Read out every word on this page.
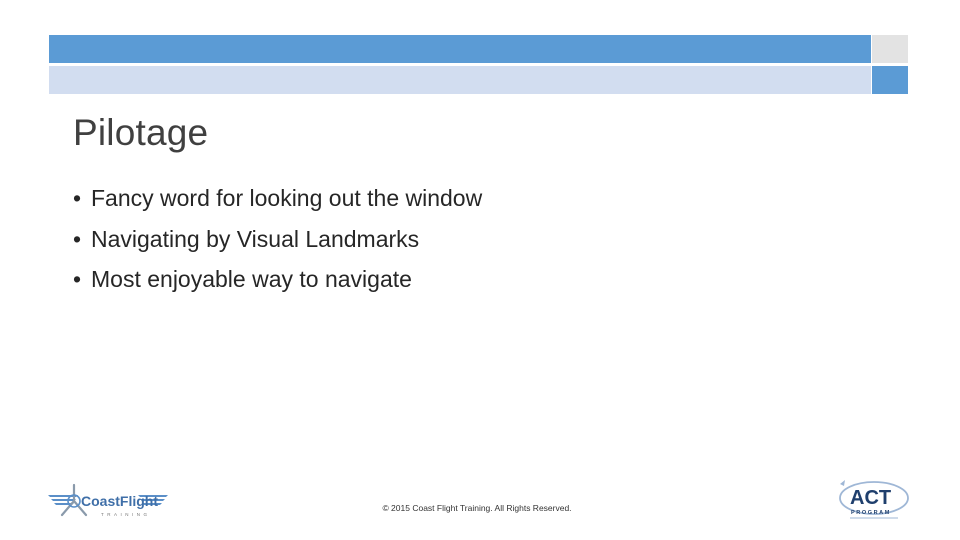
Pilotage
• Fancy word for looking out the window
• Navigating by Visual Landmarks
• Most enjoyable way to navigate
CoastFlight
TRAINING
ACT
PROGRAM
© 2015 Coast Flight Training. All Rights Reserved.
